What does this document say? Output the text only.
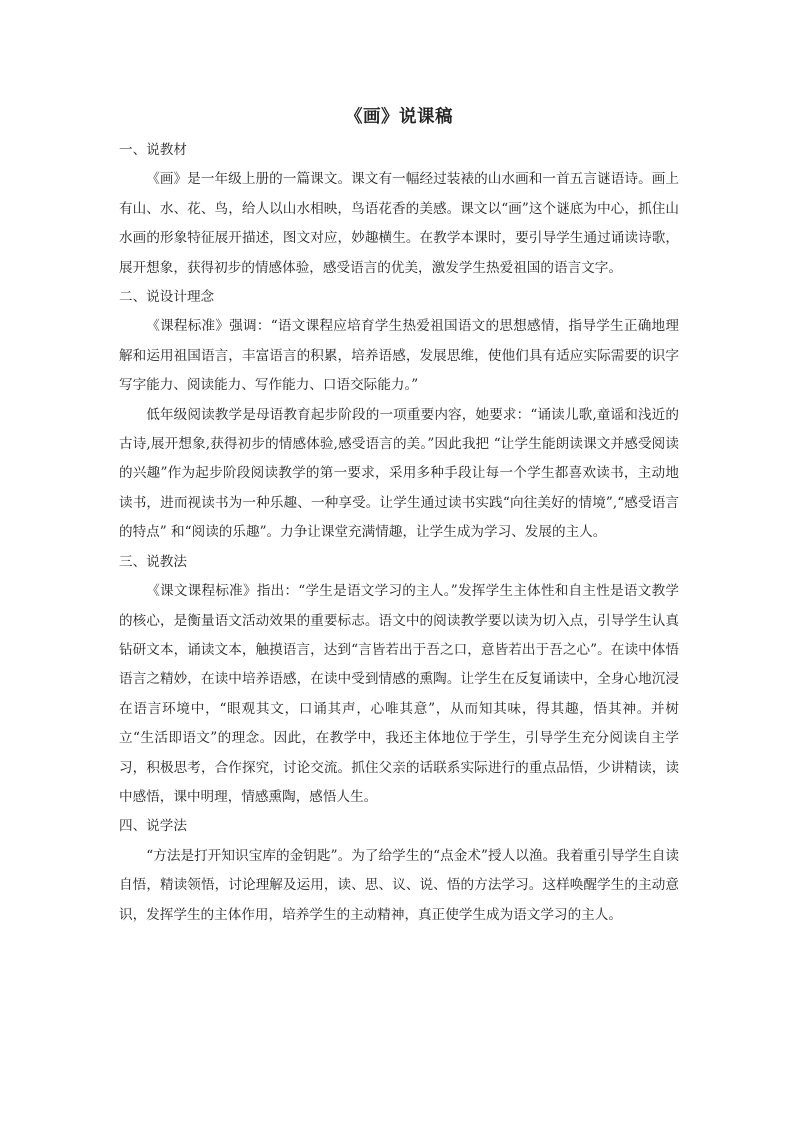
《画》说课稿

一、说教材

《画》是一年级上册的一篇课文。课文有一幅经过装裱的山水画和一首五言谜语诗。画上有山、水、花、鸟，给人以山水相映，鸟语花香的美感。课文以“画”这个谜底为中心，抓住山水画的形象特征展开描述，图文对应，妙趣横生。在教学本课时，要引导学生通过诵读诗歌，展开想象，获得初步的情感体验，感受语言的优美，激发学生热爱祖国的语言文字。

二、说设计理念

《课程标准》强调：“语文课程应培育学生热爱祖国语文的思想感情，指导学生正确地理解和运用祖国语言，丰富语言的积累，培养语感，发展思维，使他们具有适应实际需要的识字写字能力、阅读能力、写作能力、口语交际能力。”

低年级阅读教学是母语教育起步阶段的一项重要内容，她要求：“诵读儿歌,童谣和浅近的古诗,展开想象,获得初步的情感体验,感受语言的美。”因此我把 “让学生能朗读课文并感受阅读的兴趣”作为起步阶段阅读教学的第一要求，采用多种手段让每一个学生都喜欢读书，主动地读书，进而视读书为一种乐趣、一种享受。让学生通过读书实践“向往美好的情境”,“感受语言的特点” 和“阅读的乐趣”。力争让课堂充满情趣，让学生成为学习、发展的主人。

三、说教法

《课文课程标准》指出：“学生是语文学习的主人。”发挥学生主体性和自主性是语文教学的核心，是衡量语文活动效果的重要标志。语文中的阅读教学要以读为切入点，引导学生认真钻研文本，诵读文本，触摸语言，达到“言皆若出于吾之口，意皆若出于吾之心”。在读中体悟语言之精妙，在读中培养语感，在读中受到情感的熏陶。让学生在反复诵读中，全身心地沉浸在语言环境中，“眼观其文，口诵其声，心唯其意”，从而知其味，得其趣，悟其神。并树立“生活即语文”的理念。因此，在教学中，我还主体地位于学生，引导学生充分阅读自主学习，积极思考，合作探究，讨论交流。抓住父亲的话联系实际进行的重点品悟，少讲精读，读中感悟，课中明理，情感熏陶，感悟人生。

四、说学法

“方法是打开知识宝库的金钥匙”。为了给学生的“点金术”授人以渔。我着重引导学生自读自悟，精读领悟，讨论理解及运用，读、思、议、说、悟的方法学习。这样唤醒学生的主动意识，发挥学生的主体作用，培养学生的主动精神，真正使学生成为语文学习的主人。
